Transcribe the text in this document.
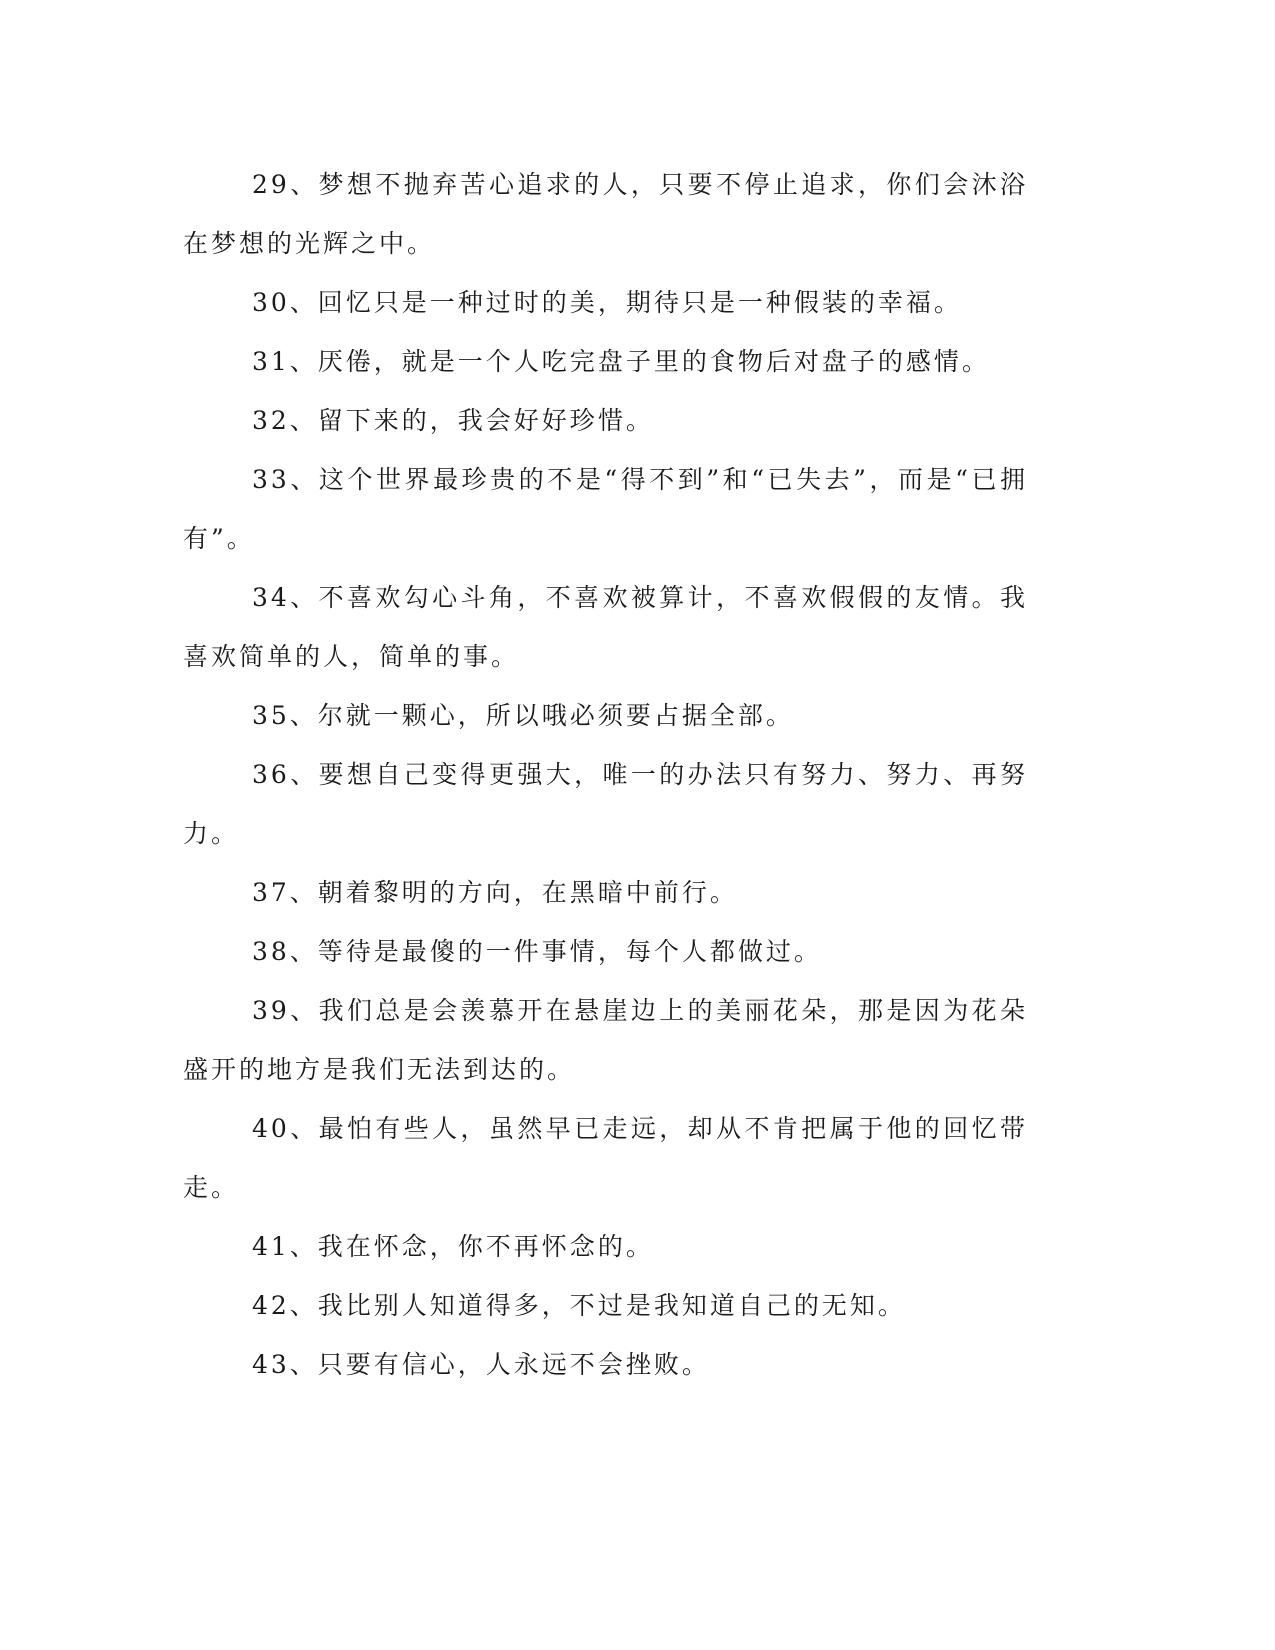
29、梦想不抛弃苦心追求的人，只要不停止追求，你们会沐浴在梦想的光辉之中。

30、回忆只是一种过时的美，期待只是一种假装的幸福。

31、厌倦，就是一个人吃完盘子里的食物后对盘子的感情。

32、留下来的，我会好好珍惜。

33、这个世界最珍贵的不是“得不到”和“已失去”，而是“已拥有”。

34、不喜欢勾心斗角，不喜欢被算计，不喜欢假假的友情。我喜欢简单的人，简单的事。

35、尔就一颗心，所以哦必须要占据全部。

36、要想自己变得更强大，唯一的办法只有努力、努力、再努力。

37、朝着黎明的方向，在黑暗中前行。

38、等待是最傻的一件事情，每个人都做过。

39、我们总是会羡慕开在悬崖边上的美丽花朵，那是因为花朵盛开的地方是我们无法到达的。

40、最怕有些人，虽然早已走远，却从不肯把属于他的回忆带走。

41、我在怀念，你不再怀念的。

42、我比别人知道得多，不过是我知道自己的无知。

43、只要有信心，人永远不会挫败。
